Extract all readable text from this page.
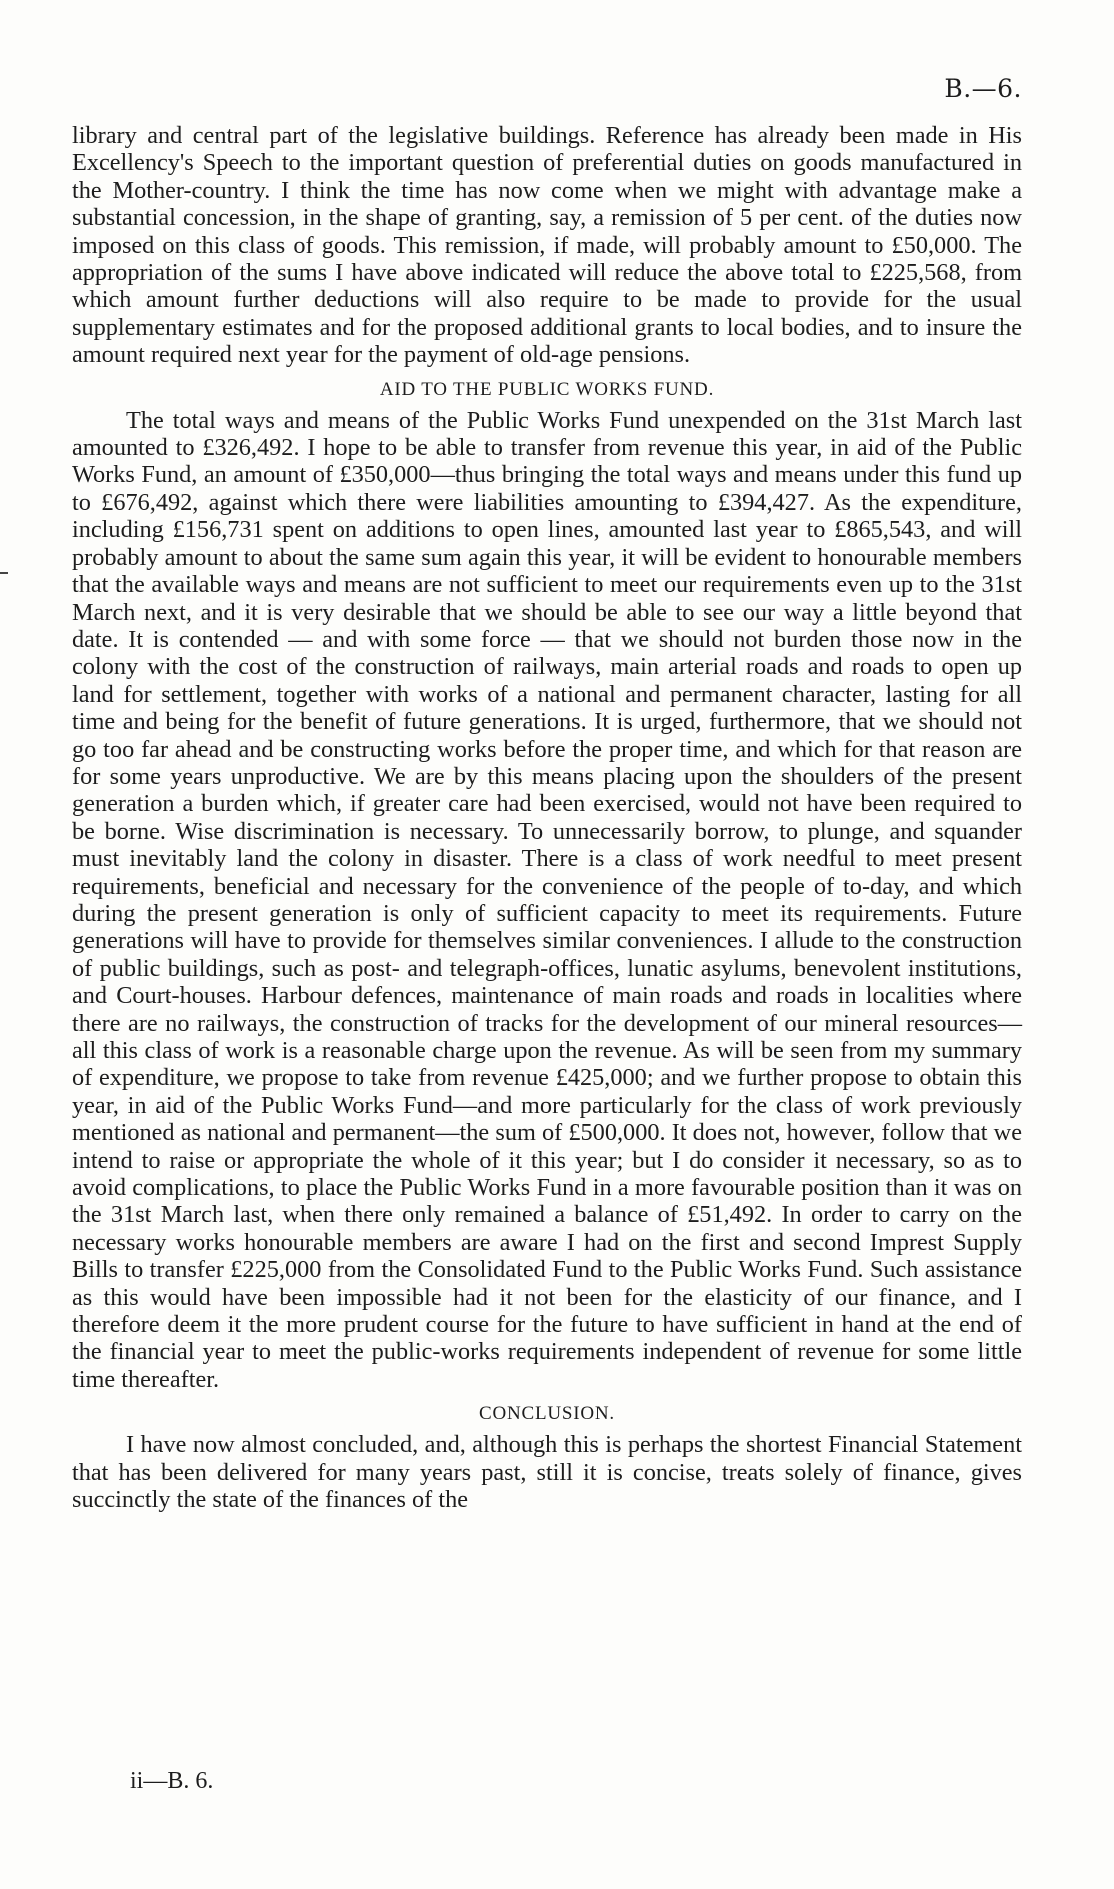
B.—6.

library and central part of the legislative buildings. Reference has already been made in His Excellency's Speech to the important question of preferential duties on goods manufactured in the Mother-country. I think the time has now come when we might with advantage make a substantial concession, in the shape of granting, say, a remission of 5 per cent. of the duties now imposed on this class of goods. This remission, if made, will probably amount to £50,000. The appropriation of the sums I have above indicated will reduce the above total to £225,568, from which amount further deductions will also require to be made to provide for the usual supplementary estimates and for the proposed additional grants to local bodies, and to insure the amount required next year for the payment of old-age pensions.

AID TO THE PUBLIC WORKS FUND.

The total ways and means of the Public Works Fund unexpended on the 31st March last amounted to £326,492. I hope to be able to transfer from revenue this year, in aid of the Public Works Fund, an amount of £350,000—thus bringing the total ways and means under this fund up to £676,492, against which there were liabilities amounting to £394,427. As the expenditure, including £156,731 spent on additions to open lines, amounted last year to £865,543, and will probably amount to about the same sum again this year, it will be evident to honourable members that the available ways and means are not sufficient to meet our requirements even up to the 31st March next, and it is very desirable that we should be able to see our way a little beyond that date. It is contended — and with some force — that we should not burden those now in the colony with the cost of the construction of railways, main arterial roads and roads to open up land for settlement, together with works of a national and permanent character, lasting for all time and being for the benefit of future generations. It is urged, furthermore, that we should not go too far ahead and be constructing works before the proper time, and which for that reason are for some years unproductive. We are by this means placing upon the shoulders of the present generation a burden which, if greater care had been exercised, would not have been required to be borne. Wise discrimination is necessary. To unnecessarily borrow, to plunge, and squander must inevitably land the colony in disaster. There is a class of work needful to meet present requirements, beneficial and necessary for the convenience of the people of to-day, and which during the present generation is only of sufficient capacity to meet its requirements. Future generations will have to provide for themselves similar conveniences. I allude to the construction of public buildings, such as post- and telegraph-offices, lunatic asylums, benevolent institutions, and Court-houses. Harbour defences, maintenance of main roads and roads in localities where there are no railways, the construction of tracks for the development of our mineral resources—all this class of work is a reasonable charge upon the revenue. As will be seen from my summary of expenditure, we propose to take from revenue £425,000; and we further propose to obtain this year, in aid of the Public Works Fund—and more particularly for the class of work previously mentioned as national and permanent—the sum of £500,000. It does not, however, follow that we intend to raise or appropriate the whole of it this year; but I do consider it necessary, so as to avoid complications, to place the Public Works Fund in a more favourable position than it was on the 31st March last, when there only remained a balance of £51,492. In order to carry on the necessary works honourable members are aware I had on the first and second Imprest Supply Bills to transfer £225,000 from the Consolidated Fund to the Public Works Fund. Such assistance as this would have been impossible had it not been for the elasticity of our finance, and I therefore deem it the more prudent course for the future to have sufficient in hand at the end of the financial year to meet the public-works requirements independent of revenue for some little time thereafter.

CONCLUSION.

I have now almost concluded, and, although this is perhaps the shortest Financial Statement that has been delivered for many years past, still it is concise, treats solely of finance, gives succinctly the state of the finances of the

ii—B. 6.
